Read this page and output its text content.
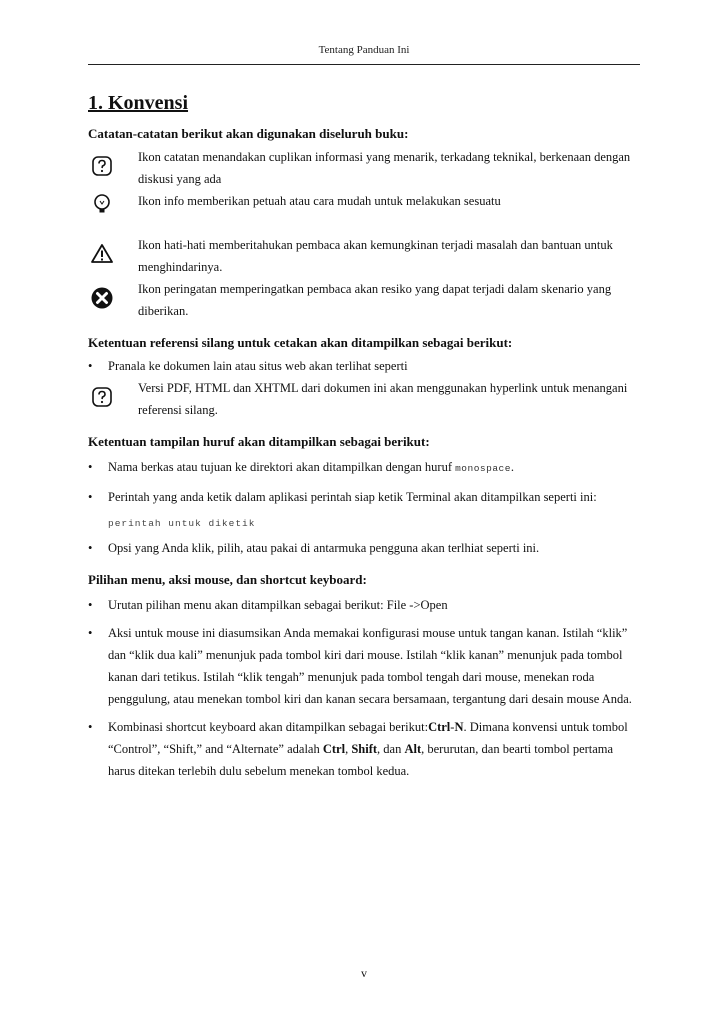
Tentang Panduan Ini
1. Konvensi

Catatan-catatan berikut akan digunakan diseluruh buku:

Ikon catatan menandakan cuplikan informasi yang menarik, terkadang teknikal, berkenaan dengan diskusi yang ada
Ikon info memberikan petuah atau cara mudah untuk melakukan sesuatu
Ikon hati-hati memberitahukan pembaca akan kemungkinan terjadi masalah dan bantuan untuk menghindarinya.
Ikon peringatan memperingatkan pembaca akan resiko yang dapat terjadi dalam skenario yang diberikan.

Ketentuan referensi silang untuk cetakan akan ditampilkan sebagai berikut:

• Pranala ke dokumen lain atau situs web akan terlihat seperti
Versi PDF, HTML dan XHTML dari dokumen ini akan menggunakan hyperlink untuk menangani referensi silang.

Ketentuan tampilan huruf akan ditampilkan sebagai berikut:

• Nama berkas atau tujuan ke direktori akan ditampilkan dengan huruf monospace.
• Perintah yang anda ketik dalam aplikasi perintah siap ketik Terminal akan ditampilkan seperti ini:
perintah untuk diketik
• Opsi yang Anda klik, pilih, atau pakai di antarmuka pengguna akan terlhiat seperti ini.

Pilihan menu, aksi mouse, dan shortcut keyboard:

• Urutan pilihan menu akan ditampilkan sebagai berikut: File ->Open
• Aksi untuk mouse ini diasumsikan Anda memakai konfigurasi mouse untuk tangan kanan. Istilah “klik” dan “klik dua kali” menunjuk pada tombol kiri dari mouse. Istilah “klik kanan” menunjuk pada tombol kanan dari tetikus. Istilah “klik tengah” menunjuk pada tombol tengah dari mouse, menekan roda penggulung, atau menekan tombol kiri dan kanan secara bersamaan, tergantung dari desain mouse Anda.
• Kombinasi shortcut keyboard akan ditampilkan sebagai berikut:Ctrl-N. Dimana konvensi untuk tombol “Control”, “Shift,” and “Alternate” adalah Ctrl, Shift, dan Alt, berurutan, dan bearti tombol pertama harus ditekan terlebih dulu sebelum menekan tombol kedua.
v
